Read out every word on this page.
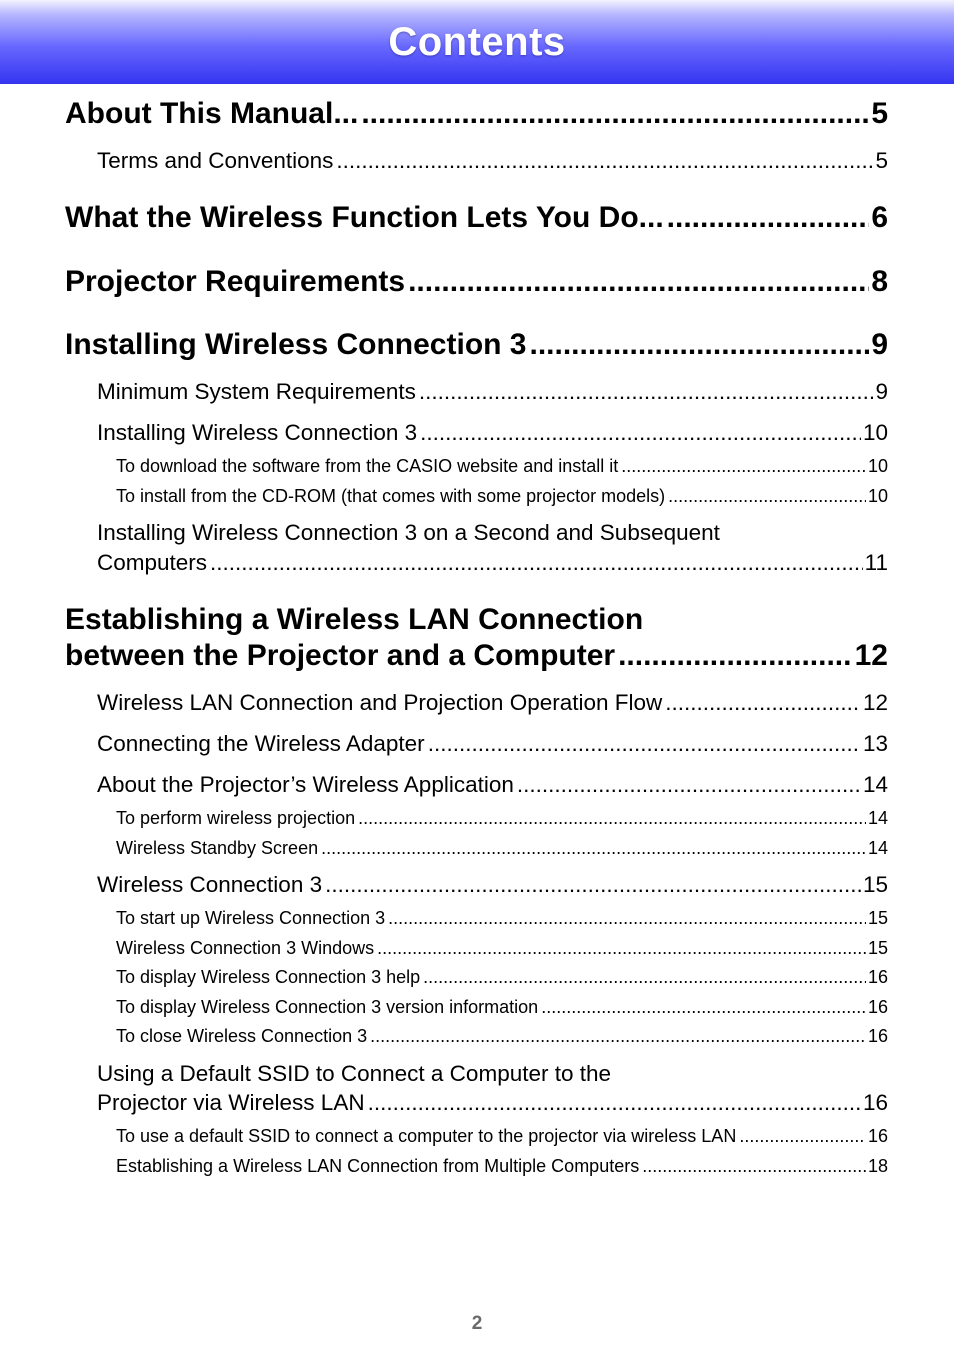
Contents
About This Manual... .....	5
Terms and Conventions .....	5
What the Wireless Function Lets You Do... .....	6
Projector Requirements .....	8
Installing Wireless Connection 3 .....	9
Minimum System Requirements .....	9
Installing Wireless Connection 3 .....	10
To download the software from the CASIO website and install it .....	10
To install from the CD-ROM (that comes with some projector models) .....	10
Installing Wireless Connection 3 on a Second and Subsequent
Computers .....	11
Establishing a Wireless LAN Connection
between the Projector and a Computer .....	12
Wireless LAN Connection and Projection Operation Flow .....	12
Connecting the Wireless Adapter .....	13
About the Projector’s Wireless Application .....	14
To perform wireless projection .....	14
Wireless Standby Screen .....	14
Wireless Connection 3 .....	15
To start up Wireless Connection 3 .....	15
Wireless Connection 3 Windows .....	15
To display Wireless Connection 3 help .....	16
To display Wireless Connection 3 version information .....	16
To close Wireless Connection 3 .....	16
Using a Default SSID to Connect a Computer to the
Projector via Wireless LAN .....	16
To use a default SSID to connect a computer to the projector via wireless LAN .....	16
Establishing a Wireless LAN Connection from Multiple Computers .....	18
2
